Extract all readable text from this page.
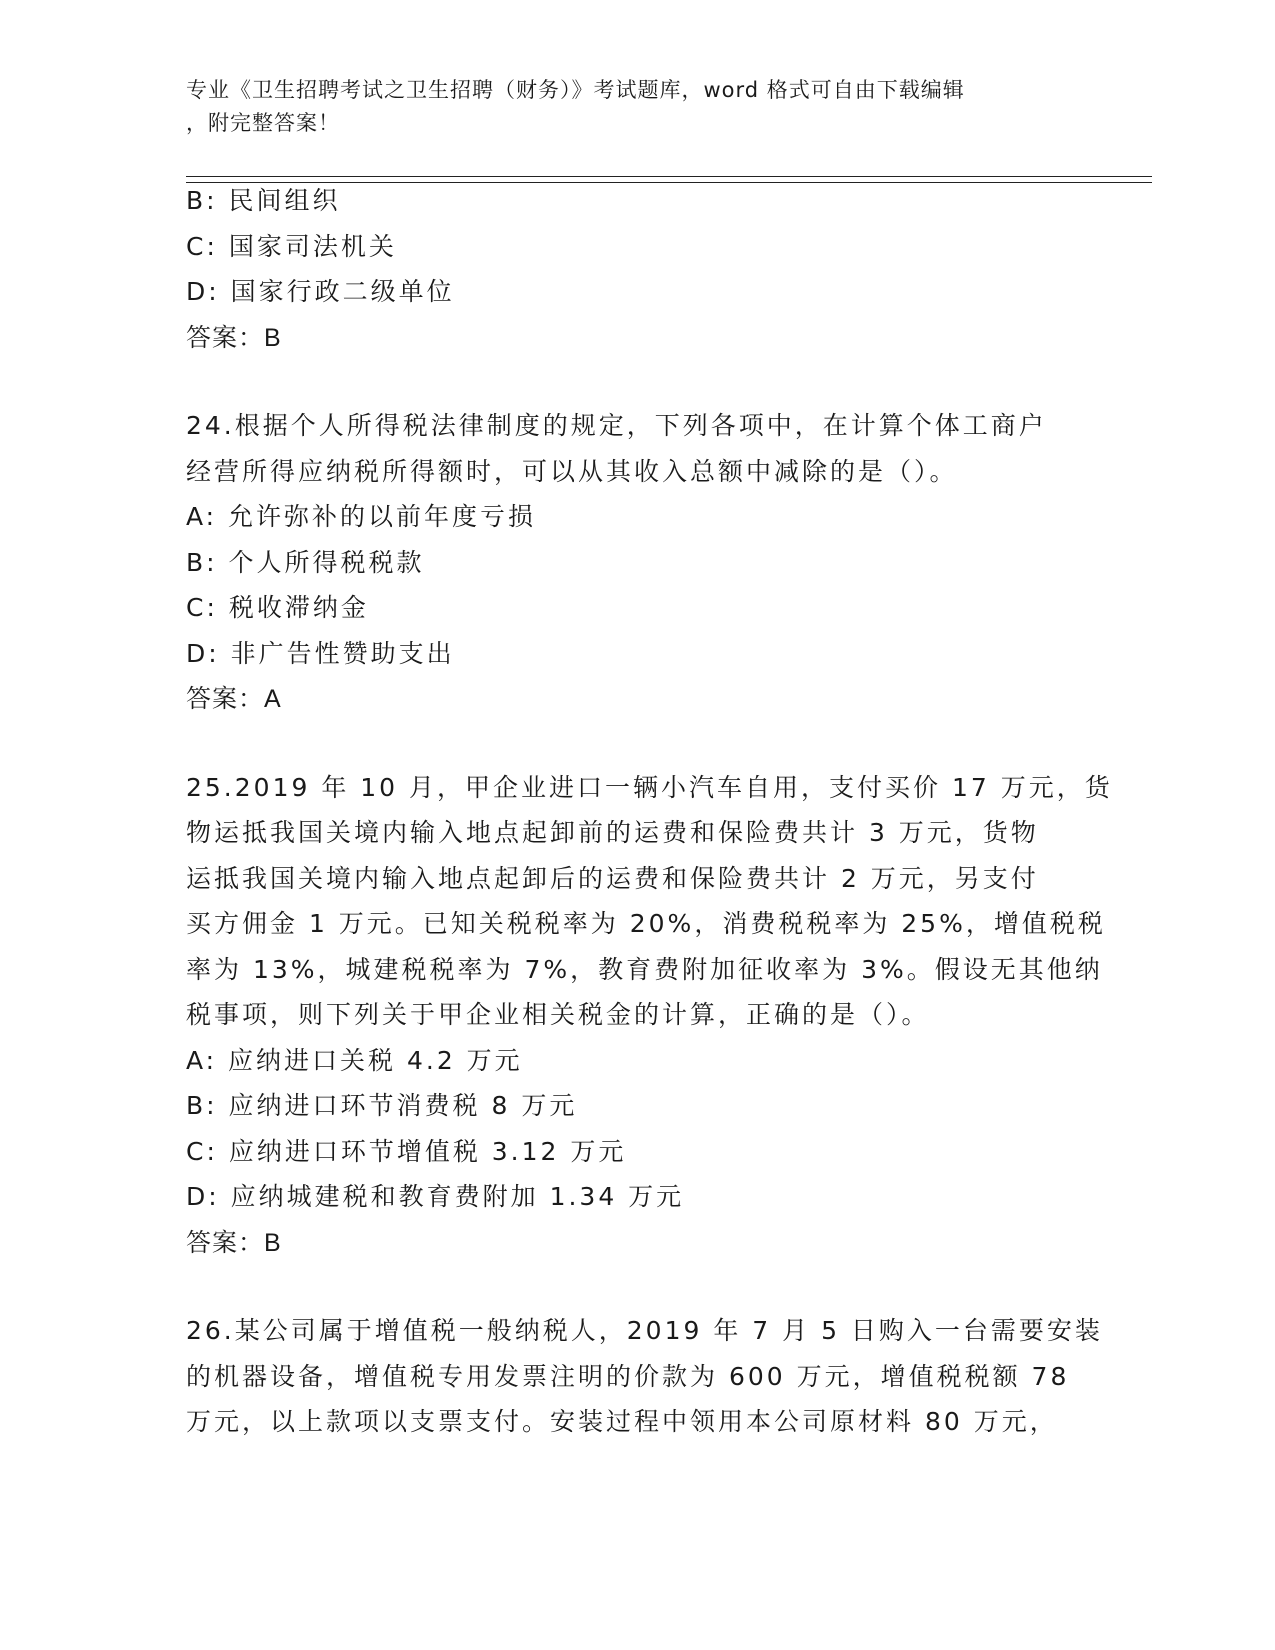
专业《卫生招聘考试之卫生招聘（财务）》考试题库，word 格式可自由下载编辑
，附完整答案！
B: 民间组织
C: 国家司法机关
D: 国家行政二级单位
答案：B
24.根据个人所得税法律制度的规定，下列各项中，在计算个体工商户
经营所得应纳税所得额时，可以从其收入总额中减除的是（）。
A: 允许弥补的以前年度亏损
B: 个人所得税税款
C: 税收滞纳金
D: 非广告性赞助支出
答案：A
25.2019 年 10 月，甲企业进口一辆小汽车自用，支付买价 17 万元，货
物运抵我国关境内输入地点起卸前的运费和保险费共计 3 万元，货物
运抵我国关境内输入地点起卸后的运费和保险费共计 2 万元，另支付
买方佣金 1 万元。已知关税税率为 20%，消费税税率为 25%，增值税税
率为 13%，城建税税率为 7%，教育费附加征收率为 3%。假设无其他纳
税事项，则下列关于甲企业相关税金的计算，正确的是（）。
A: 应纳进口关税 4.2 万元
B: 应纳进口环节消费税 8 万元
C: 应纳进口环节增值税 3.12 万元
D: 应纳城建税和教育费附加 1.34 万元
答案：B
26.某公司属于增值税一般纳税人，2019 年 7 月 5 日购入一台需要安装
的机器设备，增值税专用发票注明的价款为 600 万元，增值税税额 78
万元，以上款项以支票支付。安装过程中领用本公司原材料 80 万元，
